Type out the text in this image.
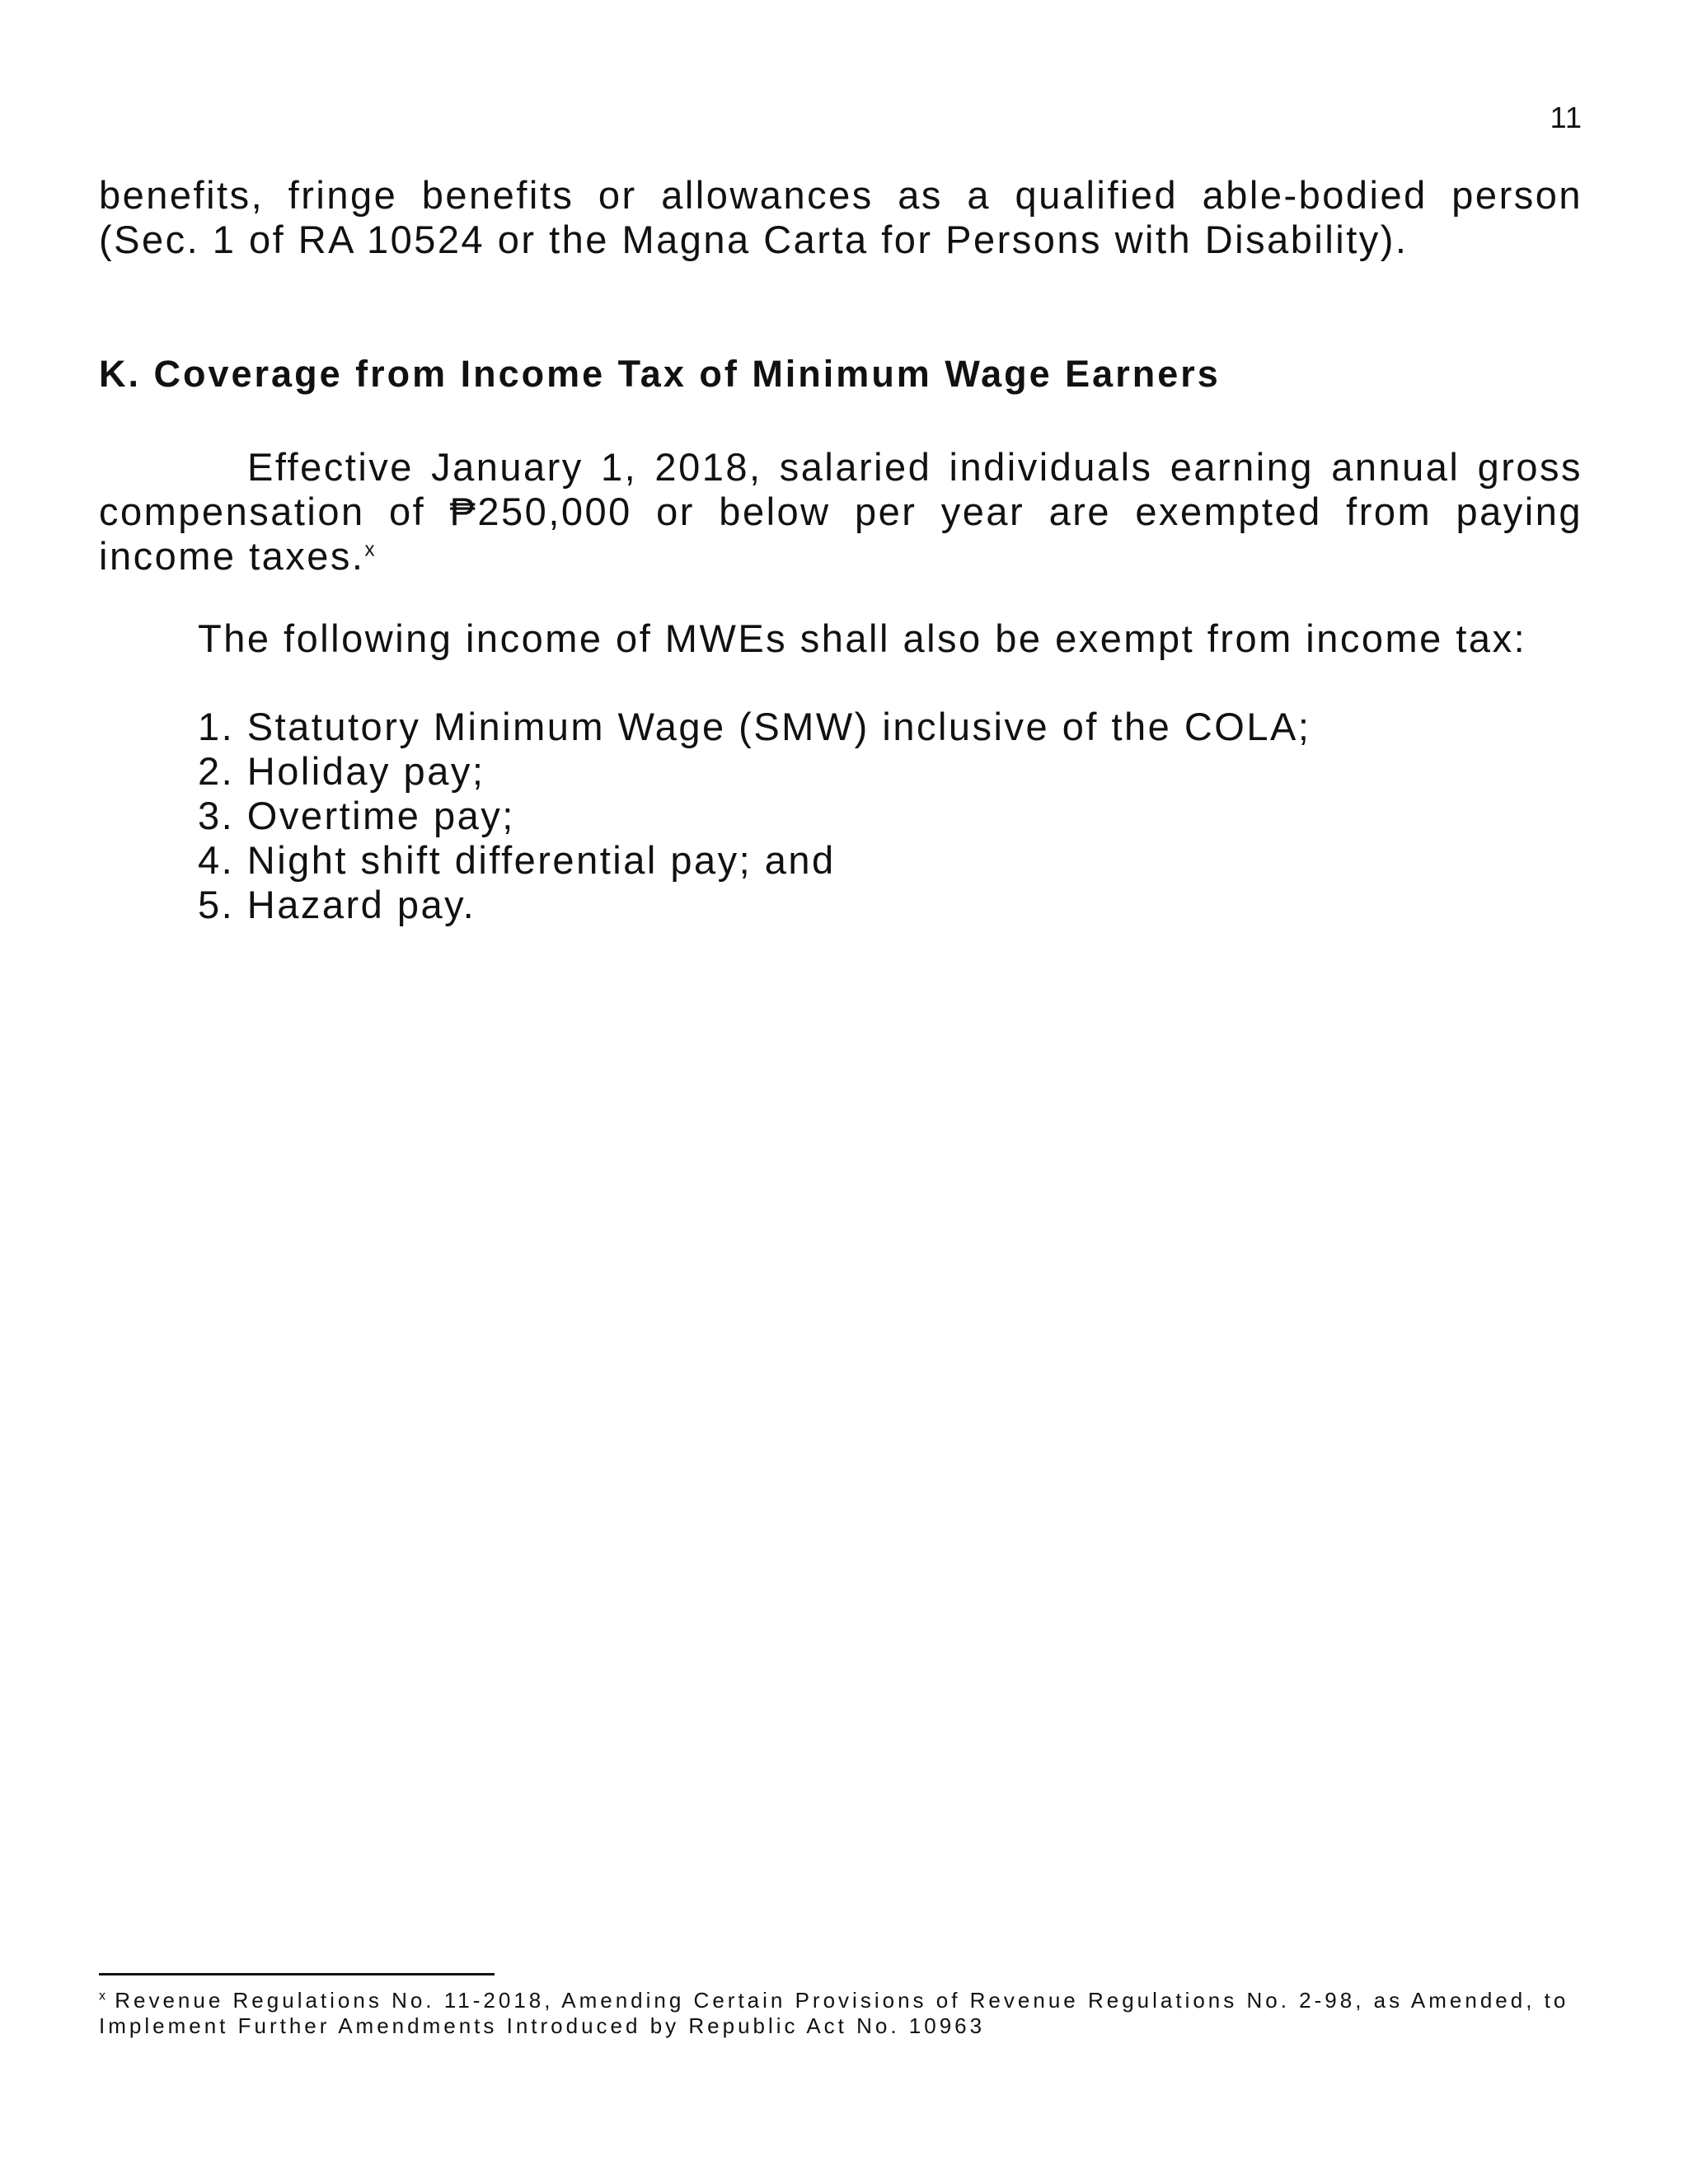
11

benefits, fringe benefits or allowances as a qualified able-bodied person (Sec. 1 of RA 10524 or the Magna Carta for Persons with Disability).

K. Coverage from Income Tax of Minimum Wage Earners

Effective January 1, 2018, salaried individuals earning annual gross compensation of ₱250,000 or below per year are exempted from paying income taxes.$^x$

The following income of MWEs shall also be exempt from income tax:

1. Statutory Minimum Wage (SMW) inclusive of the COLA;
2. Holiday pay;
3. Overtime pay;
4. Night shift differential pay; and
5. Hazard pay.

$^x$ Revenue Regulations No. 11-2018, Amending Certain Provisions of Revenue Regulations No. 2-98, as Amended, to Implement Further Amendments Introduced by Republic Act No. 10963
